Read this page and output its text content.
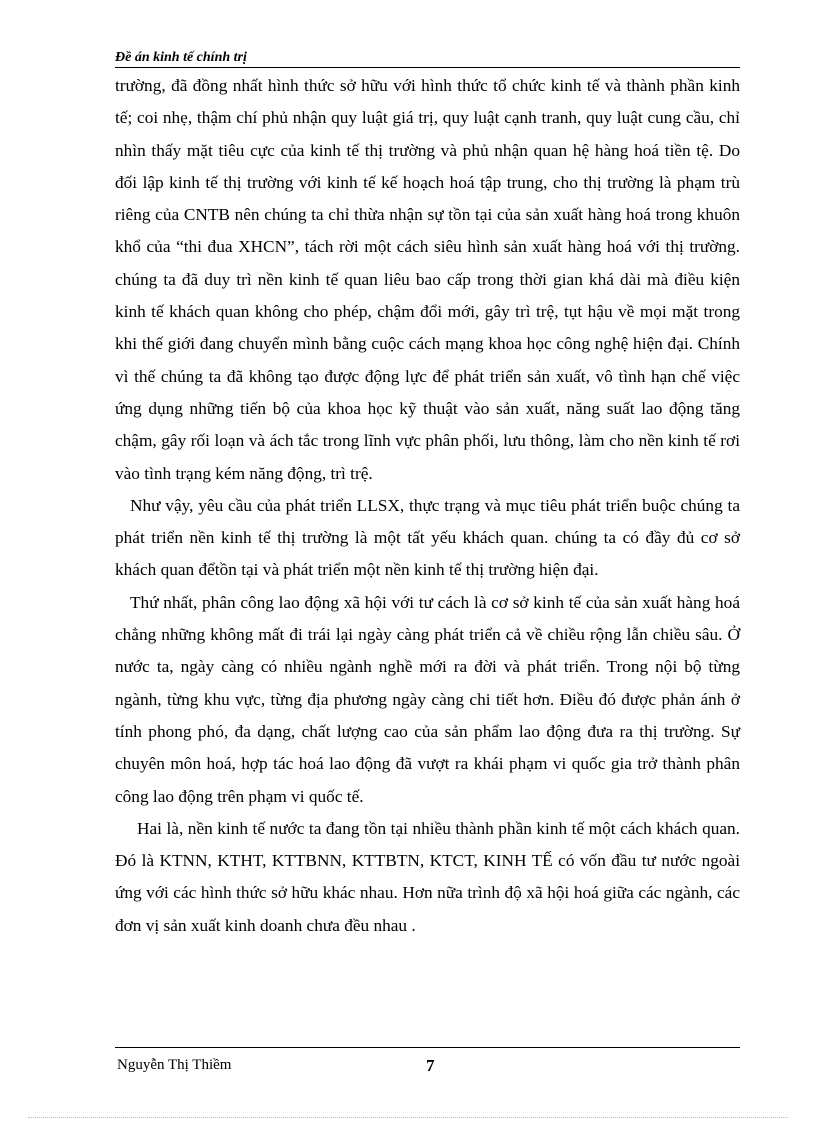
Đề án kinh tế chính trị

trường, đã đồng nhất hình thức sở hữu với hình thức tổ chức kinh tế và thành phần kinh tế; coi nhẹ, thậm chí phủ nhận quy luật giá trị, quy luật cạnh tranh, quy luật cung cầu, chỉ nhìn thấy mặt tiêu cực của kinh tế thị trường và phủ nhận quan hệ hàng hoá tiền tệ. Do đối lập kinh tế thị trường với kinh tế kế hoạch hoá tập trung, cho thị trường là phạm trù riêng của CNTB nên chúng ta chỉ thừa nhận sự tồn tại của sản xuất hàng hoá trong khuôn khổ của “thi đua XHCN”, tách rời một cách siêu hình sản xuất hàng hoá với thị trường. chúng ta đã duy trì nền kinh tế quan liêu bao cấp trong thời gian khá dài mà điều kiện kinh tế khách quan không cho phép, chậm đổi mới, gây trì trệ, tụt hậu về mọi mặt trong khi thế giới đang chuyển mình bằng cuộc cách mạng khoa học công nghệ hiện đại. Chính vì thế chúng ta đã không tạo được động lực để phát triển sản xuất, vô tình hạn chế việc ứng dụng những tiến bộ của khoa học kỹ thuật vào sản xuất, năng suất lao động tăng chậm, gây rối loạn và ách tắc trong lĩnh vực phân phối, lưu thông, làm cho nền kinh tế rơi vào tình trạng kém năng động, trì trệ.

Như vậy, yêu cầu của phát triển LLSX, thực trạng và mục tiêu phát triển buộc chúng ta phát triển nền kinh tế thị trường là một tất yếu khách quan. chúng ta có đầy đủ cơ sở khách quan đểtồn tại và phát triển một nền kinh tế thị trường hiện đại.

Thứ nhất, phân công lao động xã hội với tư cách là cơ sở kinh tế của sản xuất hàng hoá chẳng những không mất đi trái lại ngày càng phát triển cả về chiều rộng lẫn chiều sâu. Ở nước ta, ngày càng có nhiều ngành nghề mới ra đời và phát triển. Trong nội bộ từng ngành, từng khu vực, từng địa phương ngày càng chi tiết hơn. Điều đó được phản ánh ở tính phong phó, đa dạng, chất lượng cao của sản phẩm lao động đưa ra thị trường. Sự chuyên môn hoá, hợp tác hoá lao động đã vượt ra khái phạm vi quốc gia trở thành phân công lao động trên phạm vi quốc tế.

Hai là, nền kinh tế nước ta đang tồn tại nhiều thành phần kinh tế một cách khách quan. Đó là KTNN, KTHT, KTTBNN, KTTBTN, KTCT, KINH TẾ có vốn đầu tư nước ngoài ứng với các hình thức sở hữu khác nhau. Hơn nữa trình độ xã hội hoá giữa các ngành, các đơn vị sản xuất kinh doanh chưa đều nhau .

Nguyễn Thị Thiềm	7
